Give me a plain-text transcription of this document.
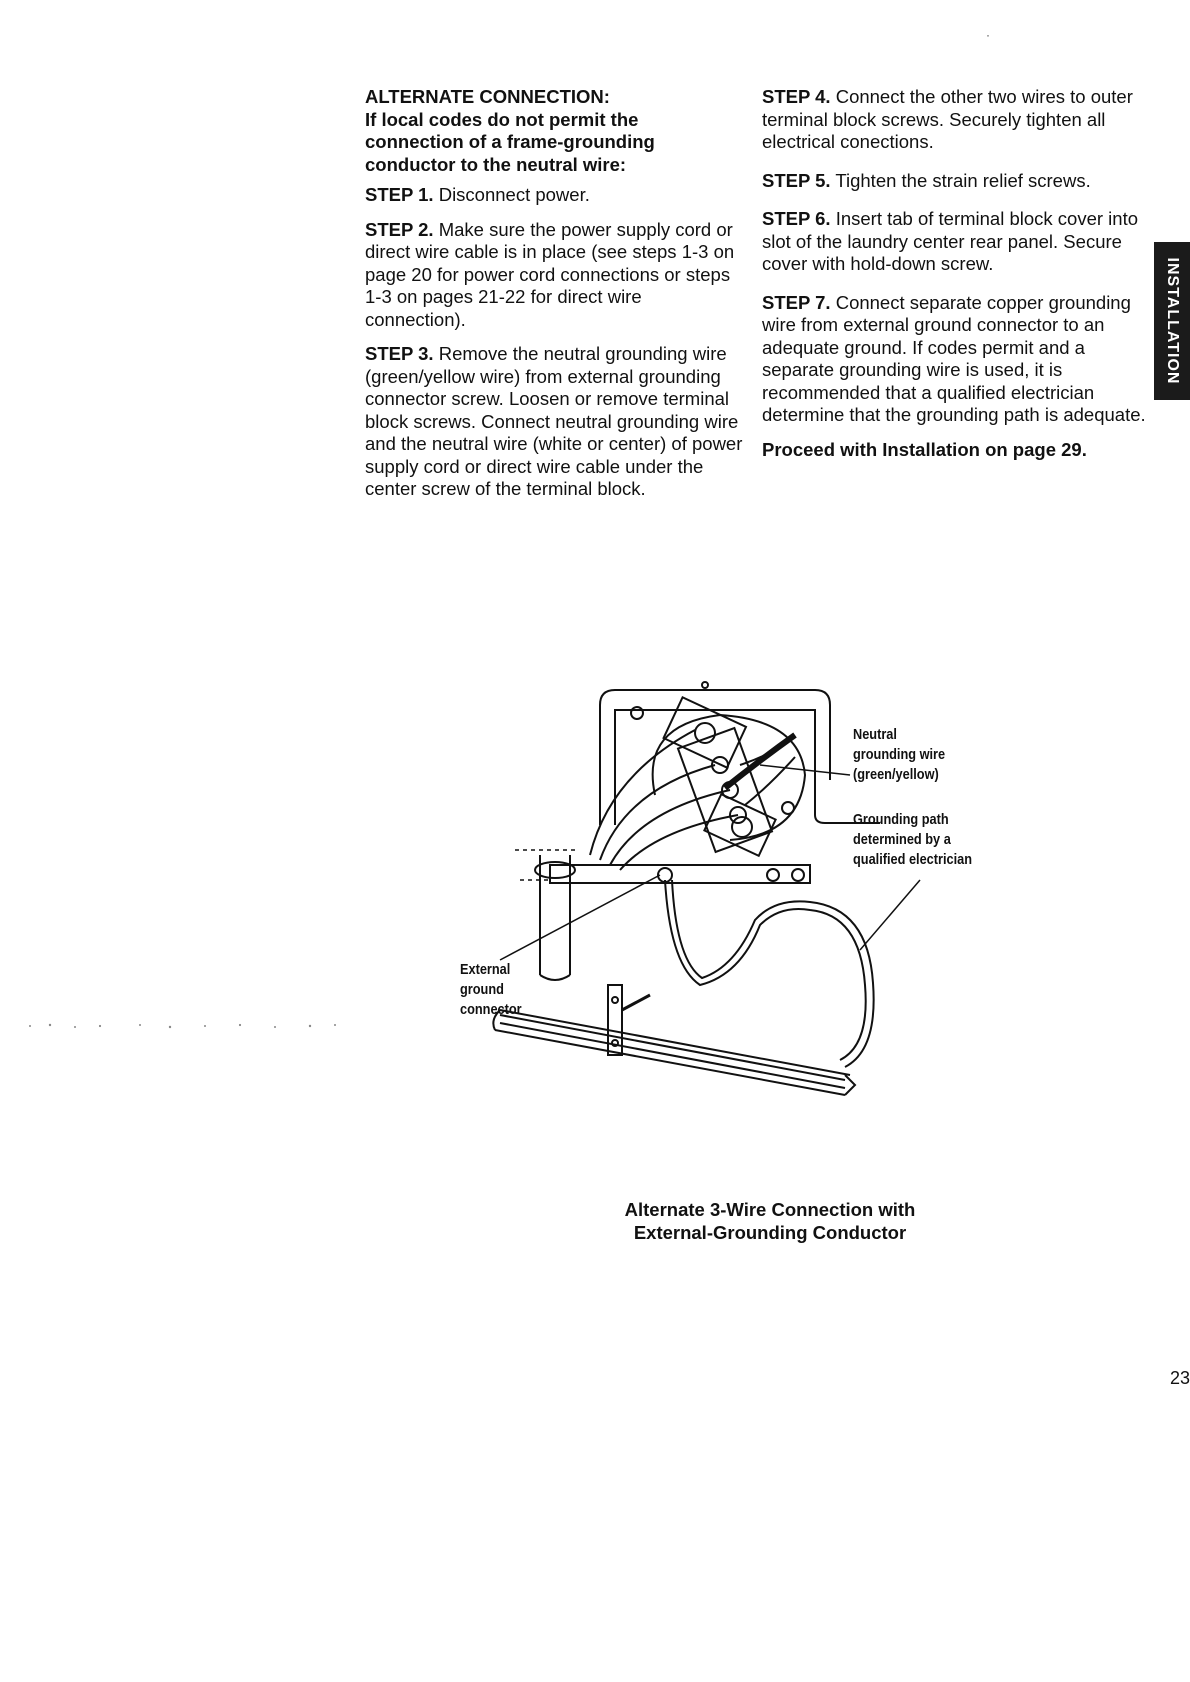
·
ALTERNATE CONNECTION:
If local codes do not permit the
connection of a frame-grounding
conductor to the neutral wire:

STEP 1. Disconnect power.

STEP 2. Make sure the power supply cord or direct wire cable is in place (see steps 1-3 on page 20 for power cord connections or steps 1-3 on pages 21-22 for direct wire connection).

STEP 3. Remove the neutral grounding wire (green/yellow wire) from external grounding connector screw. Loosen or remove terminal block screws. Connect neutral grounding wire and the neutral wire (white or center) of power supply cord or direct wire cable under the center screw of the terminal block.

STEP 4. Connect the other two wires to outer terminal block screws. Securely tighten all electrical conections.

STEP 5. Tighten the strain relief screws.

STEP 6. Insert tab of terminal block cover into slot of the laundry center rear panel. Secure cover with hold-down screw.

STEP 7. Connect separate copper grounding wire from external ground connector to an adequate ground. If codes permit and a separate grounding wire is used, it is recommended that a qualified electrician determine that the grounding path is adequate.

Proceed with Installation on page 29.

INSTALLATION
Neutral
grounding wire
(green/yellow)
Grounding path
determined by a
qualified electrician
External
ground
connector
Alternate 3-Wire Connection with
External-Grounding Conductor
23
